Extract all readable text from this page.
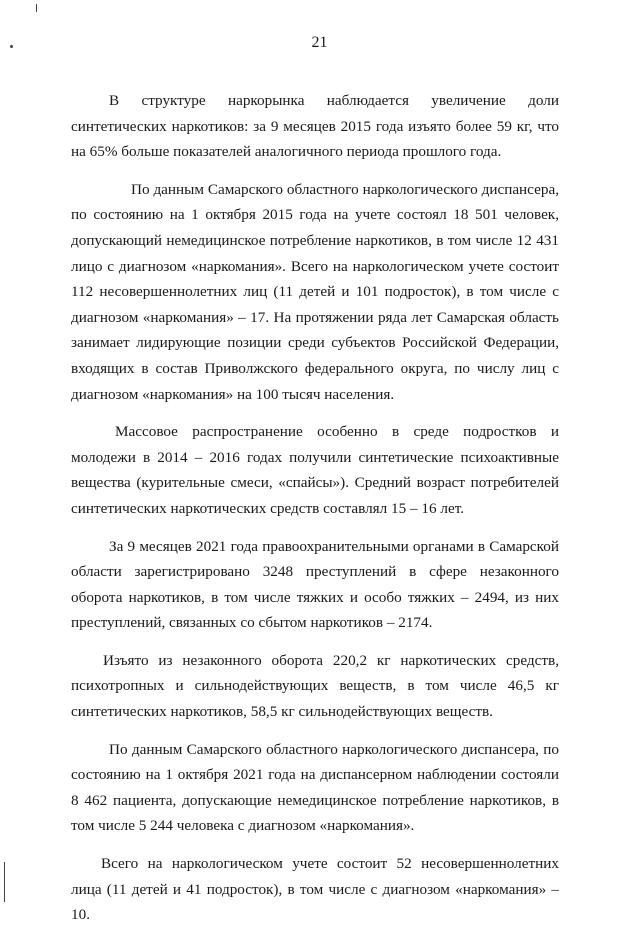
21

В структуре наркорынка наблюдается увеличение доли синтетических наркотиков: за 9 месяцев 2015 года изъято более 59 кг, что на 65% больше показателей аналогичного периода прошлого года.

По данным Самарского областного наркологического диспансера, по состоянию на 1 октября 2015 года на учете состоял 18 501 человек, допускающий немедицинское потребление наркотиков, в том числе 12 431 лицо с диагнозом «наркомания». Всего на наркологическом учете состоит 112 несовершеннолетних лиц (11 детей и 101 подросток), в том числе с диагнозом «наркомания» – 17. На протяжении ряда лет Самарская область занимает лидирующие позиции среди субъектов Российской Федерации, входящих в состав Приволжского федерального округа, по числу лиц с диагнозом «наркомания» на 100 тысяч населения.

Массовое распространение особенно в среде подростков и молодежи в 2014 – 2016 годах получили синтетические психоактивные вещества (курительные смеси, «спайсы»). Средний возраст потребителей синтетических наркотических средств составлял 15 – 16 лет.

За 9 месяцев 2021 года правоохранительными органами в Самарской области зарегистрировано 3248 преступлений в сфере незаконного оборота наркотиков, в том числе тяжких и особо тяжких – 2494, из них преступлений, связанных со сбытом наркотиков – 2174.

Изъято из незаконного оборота 220,2 кг наркотических средств, психотропных и сильнодействующих веществ, в том числе 46,5 кг синтетических наркотиков, 58,5 кг сильнодействующих веществ.

По данным Самарского областного наркологического диспансера, по состоянию на 1 октября 2021 года на диспансерном наблюдении состояли 8 462 пациента, допускающие немедицинское потребление наркотиков, в том числе 5 244 человека с диагнозом «наркомания».

Всего на наркологическом учете состоит 52 несовершеннолетних лица (11 детей и 41 подросток), в том числе с диагнозом «наркомания» – 10.
